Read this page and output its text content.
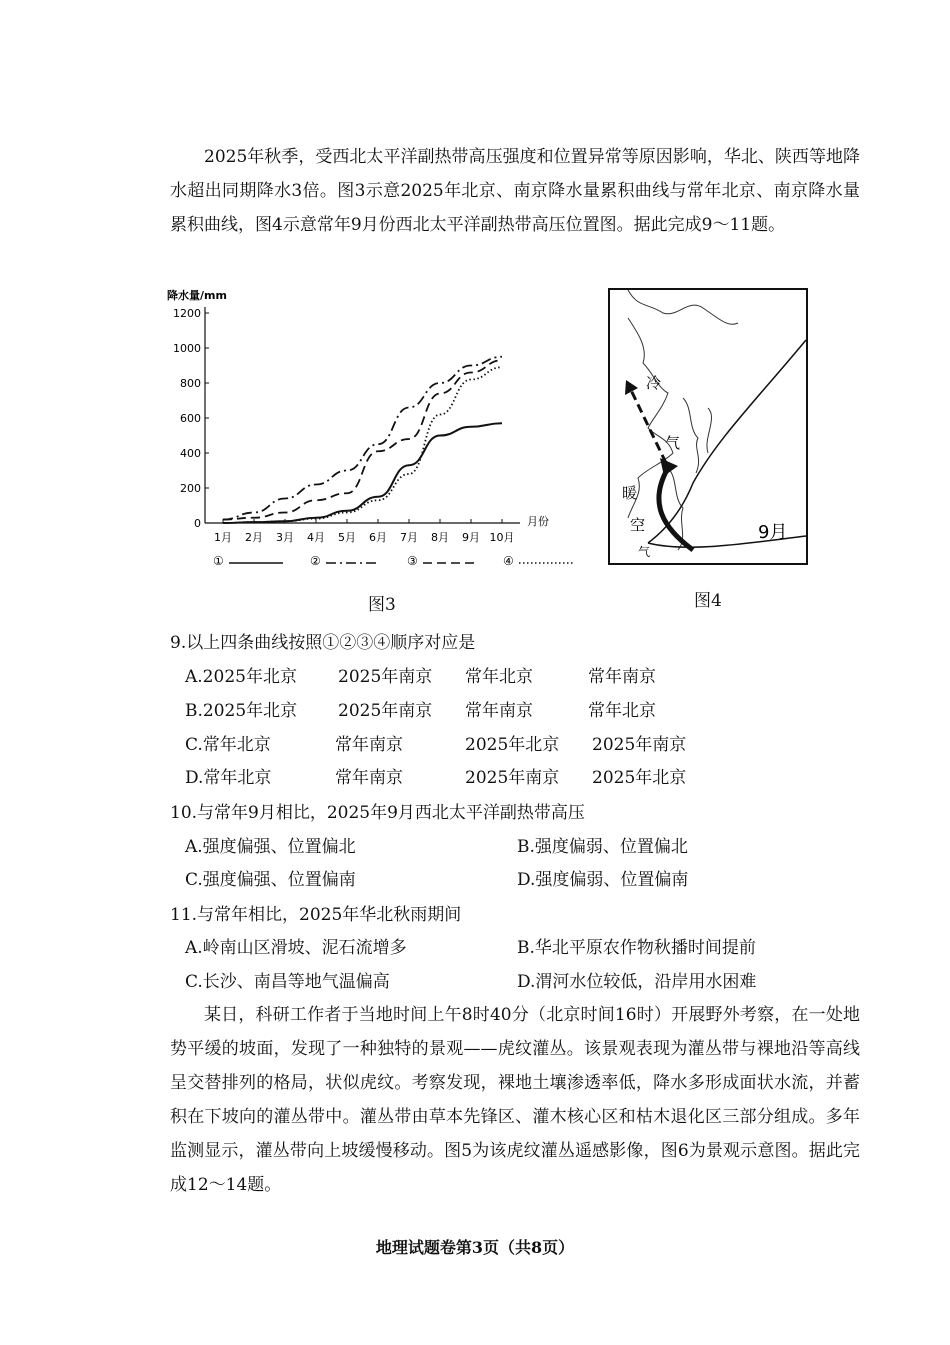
2025年秋季，受西北太平洋副热带高压强度和位置异常等原因影响，华北、陕西等地降水超出同期降水3倍。图3示意2025年北京、南京降水量累积曲线与常年北京、南京降水量累积曲线，图4示意常年9月份西北太平洋副热带高压位置图。据此完成9～11题。

降水量/mm
0
200
400
600
800
1000
1200
1月 2月 3月 4月 5月 6月 7月 8月 9月 10月
月份
①	②	③	④
图3
冷
气
暖
空
气
9月
图4
9.以上四条曲线按照①②③④顺序对应是
A.2025年北京 2025年南京 常年北京	常年南京
B.2025年北京 2025年南京 常年南京	常年北京
C.常年北京	常年南京	2025年北京 2025年南京
D.常年北京	常年南京	2025年南京 2025年北京
10.与常年9月相比，2025年9月西北太平洋副热带高压
A.强度偏强、位置偏北	B.强度偏弱、位置偏北
C.强度偏强、位置偏南	D.强度偏弱、位置偏南
11.与常年相比，2025年华北秋雨期间
A.岭南山区滑坡、泥石流增多	B.华北平原农作物秋播时间提前
C.长沙、南昌等地气温偏高	D.渭河水位较低，沿岸用水困难

某日，科研工作者于当地时间上午8时40分（北京时间16时）开展野外考察，在一处地势平缓的坡面，发现了一种独特的景观——虎纹灌丛。该景观表现为灌丛带与裸地沿等高线呈交替排列的格局，状似虎纹。考察发现，裸地土壤渗透率低，降水多形成面状水流，并蓄积在下坡向的灌丛带中。灌丛带由草本先锋区、灌木核心区和枯木退化区三部分组成。多年监测显示，灌丛带向上坡缓慢移动。图5为该虎纹灌丛遥感影像，图6为景观示意图。据此完成12～14题。

地理试题卷第3页（共8页）
